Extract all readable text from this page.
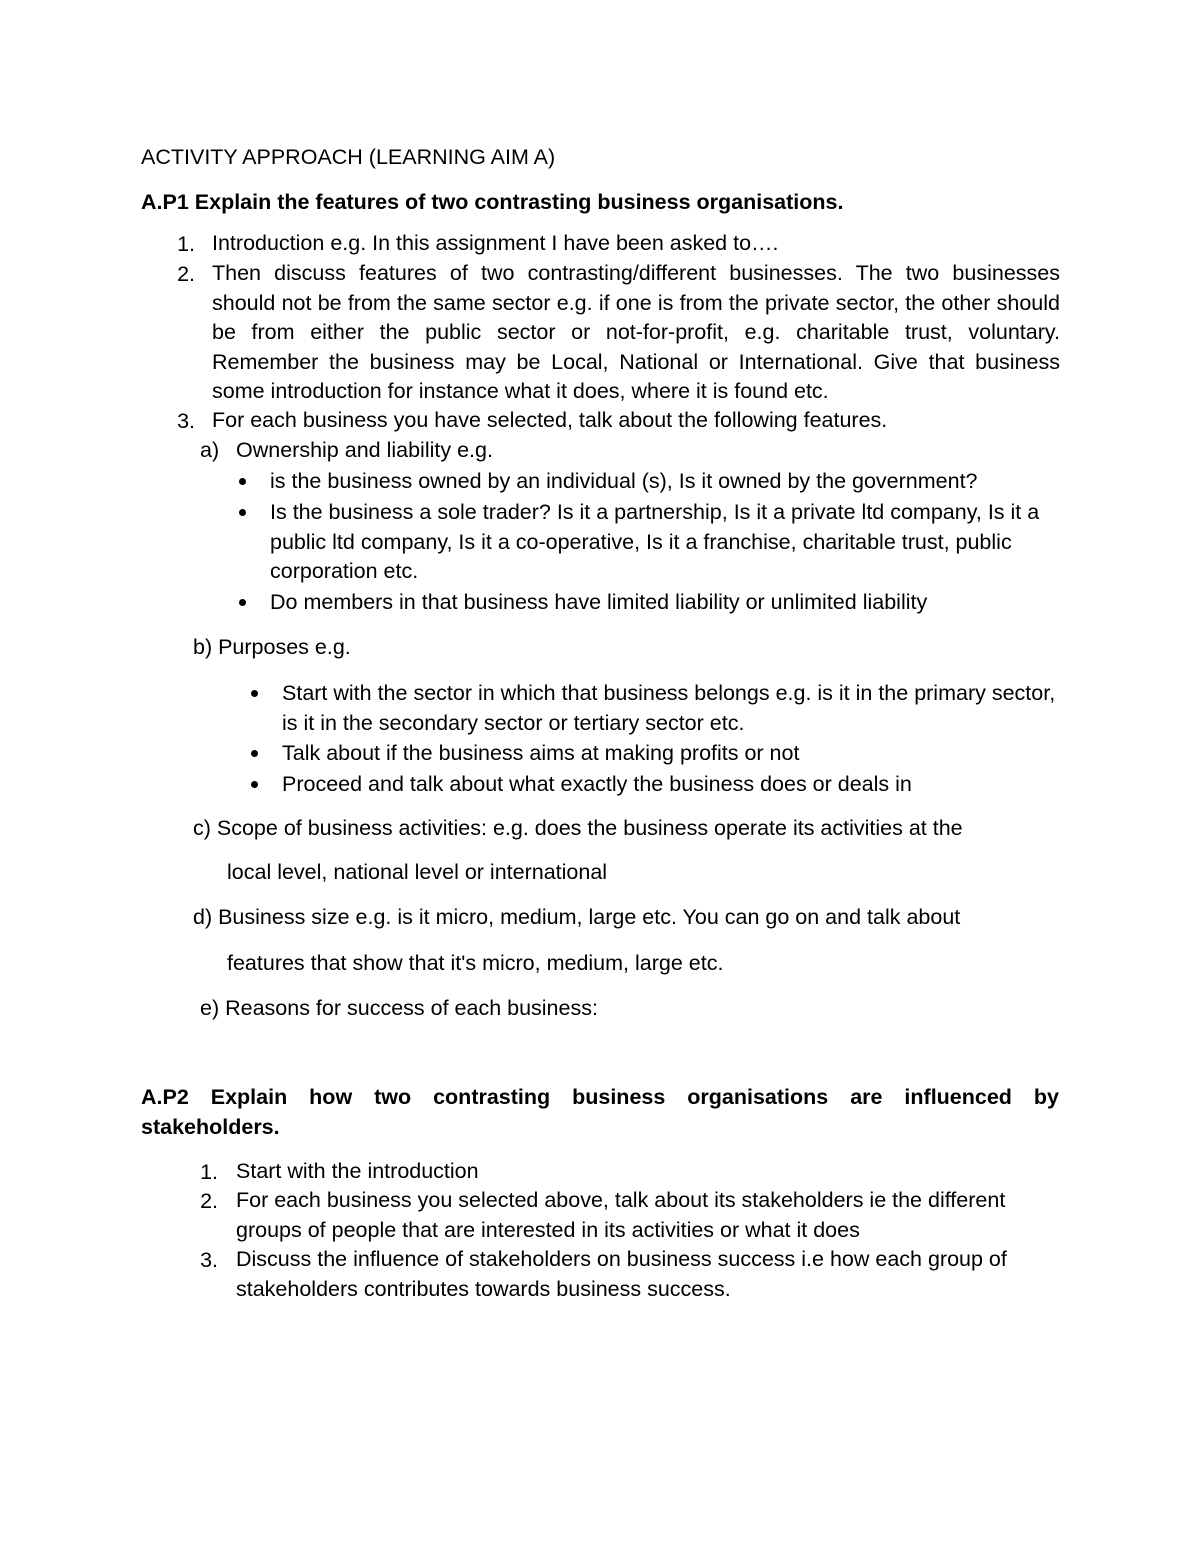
ACTIVITY APPROACH (LEARNING AIM A)
A.P1 Explain the features of two contrasting business organisations.
1. Introduction e.g. In this assignment I have been asked to….
2. Then discuss features of two contrasting/different businesses. The two businesses should not be from the same sector e.g. if one is from the private sector, the other should be from either the public sector or not-for-profit, e.g. charitable trust, voluntary. Remember the business may be Local, National or International. Give that business some introduction for instance what it does, where it is found etc.
3. For each business you have selected, talk about the following features.
a) Ownership and liability e.g.
is the business owned by an individual (s), Is it owned by the government?
Is the business a sole trader? Is it a partnership, Is it a private ltd company, Is it a public ltd company, Is it a co-operative, Is it a franchise, charitable trust, public corporation etc.
Do members in that business have limited liability or unlimited liability
b) Purposes e.g.
Start with the sector in which that business belongs e.g. is it in the primary sector, is it in the secondary sector or tertiary sector etc.
Talk about if the business aims at making profits or not
Proceed and talk about what exactly the business does or deals in
c) Scope of business activities: e.g. does the business operate its activities at the
local level, national level or international
d) Business size e.g. is it micro, medium, large etc. You can go on and talk about
features that show that it's micro, medium, large etc.
e) Reasons for success of each business:
A.P2 Explain how two contrasting business organisations are influenced by stakeholders.
1. Start with the introduction
2. For each business you selected above, talk about its stakeholders ie the different groups of people that are interested in its activities or what it does
3. Discuss the influence of stakeholders on business success i.e how each group of stakeholders contributes towards business success.
